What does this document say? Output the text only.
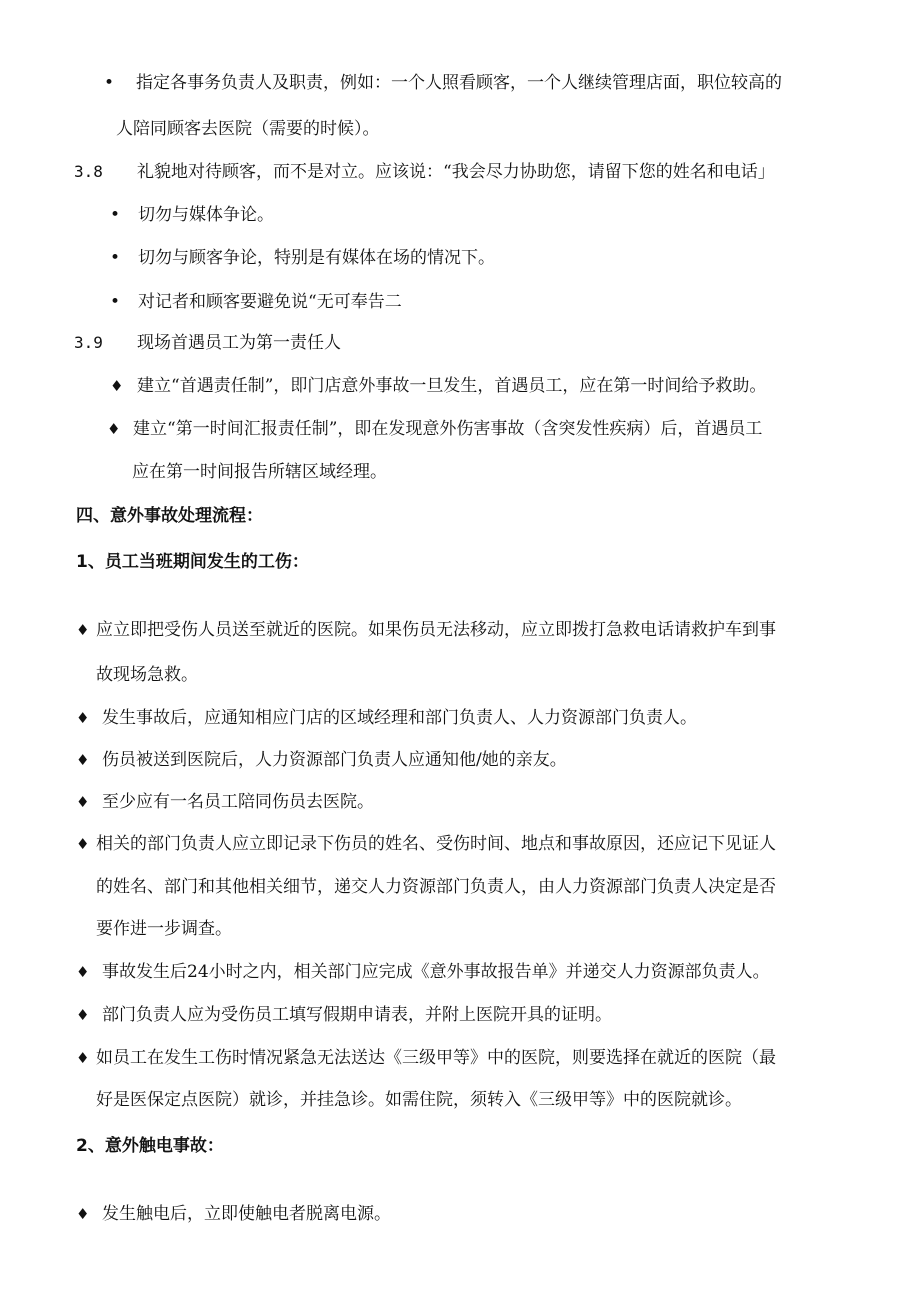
• 指定各事务负责人及职责，例如：一个人照看顾客，一个人继续管理店面，职位较高的
人陪同顾客去医院（需要的时候）。
3.8 礼貌地对待顾客，而不是对立。应该说：“我会尽力协助您，请留下您的姓名和电话」
• 切勿与媒体争论。
• 切勿与顾客争论，特别是有媒体在场的情况下。
• 对记者和顾客要避免说“无可奉告二
3.9 现场首遇员工为第一责任人
♦ 建立“首遇责任制”，即门店意外事故一旦发生，首遇员工，应在第一时间给予救助。
♦ 建立“第一时间汇报责任制”，即在发现意外伤害事故（含突发性疾病）后，首遇员工
应在第一时间报告所辖区域经理。
四、意外事故处理流程：
1、员工当班期间发生的工伤：
♦ 应立即把受伤人员送至就近的医院。如果伤员无法移动，应立即拨打急救电话请救护车到事
故现场急救。
♦ 发生事故后，应通知相应门店的区域经理和部门负责人、人力资源部门负责人。
♦ 伤员被送到医院后，人力资源部门负责人应通知他/她的亲友。
♦ 至少应有一名员工陪同伤员去医院。
♦ 相关的部门负责人应立即记录下伤员的姓名、受伤时间、地点和事故原因，还应记下见证人
的姓名、部门和其他相关细节，递交人力资源部门负责人，由人力资源部门负责人决定是否
要作进一步调查。
♦ 事故发生后24小时之内，相关部门应完成《意外事故报告单》并递交人力资源部负责人。
♦ 部门负责人应为受伤员工填写假期申请表，并附上医院开具的证明。
♦ 如员工在发生工伤时情况紧急无法送达《三级甲等》中的医院，则要选择在就近的医院（最
好是医保定点医院）就诊，并挂急诊。如需住院，须转入《三级甲等》中的医院就诊。
2、意外触电事故：
♦ 发生触电后，立即使触电者脱离电源。
